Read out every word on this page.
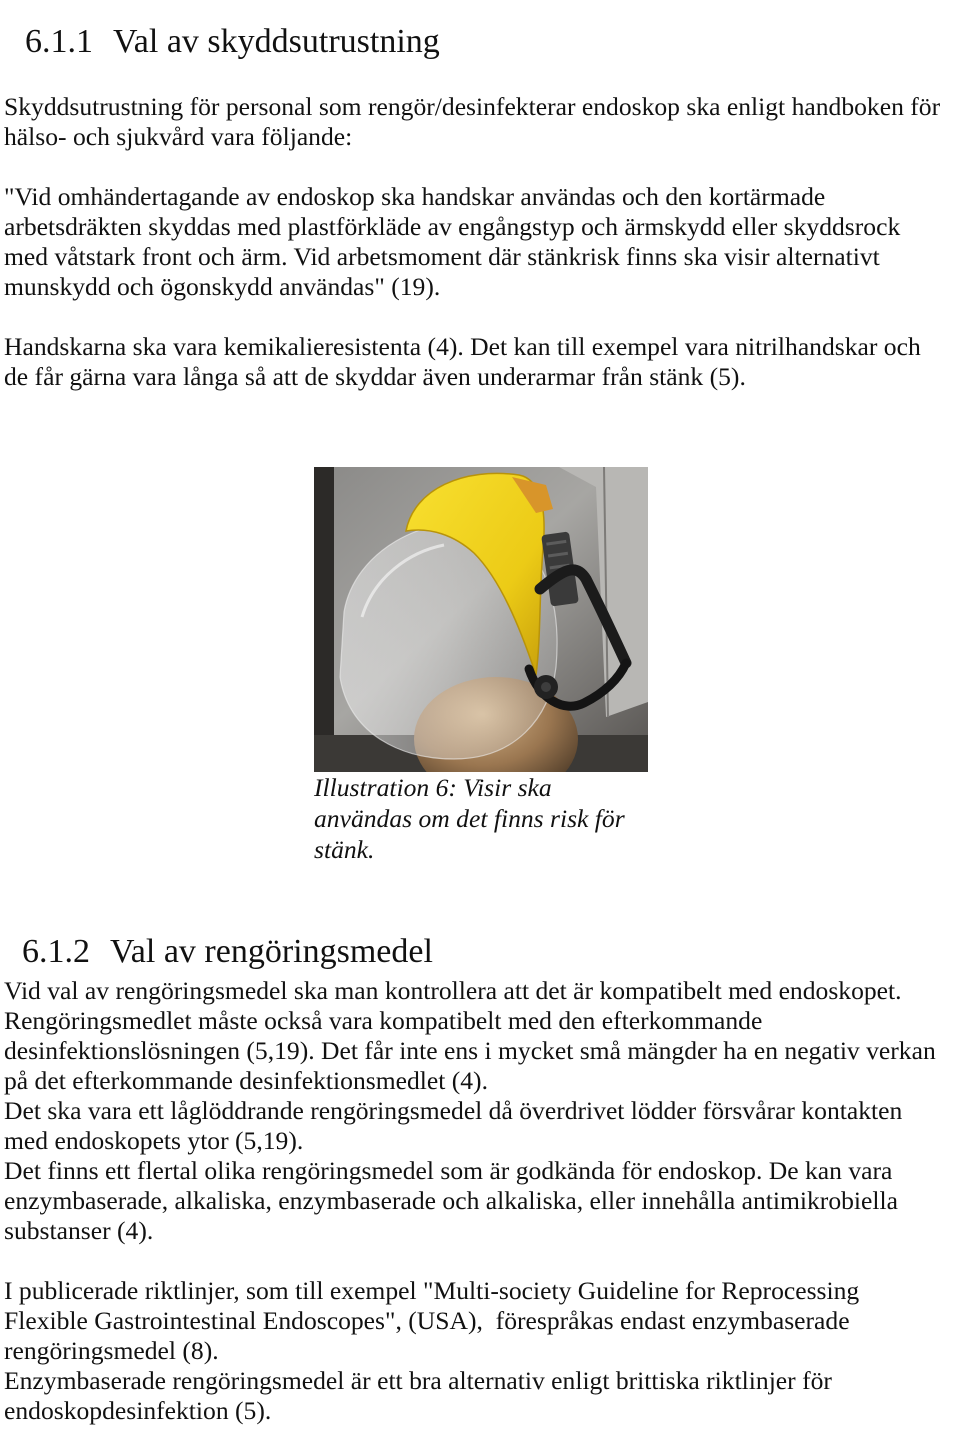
6.1.1 Val av skyddsutrustning

Skyddsutrustning för personal som rengör/desinfekterar endoskop ska enligt handboken för
hälso- och sjukvård vara följande:
"Vid omhändertagande av endoskop ska handskar användas och den kortärmade
arbetsdräkten skyddas med plastförkläde av engångstyp och ärmskydd eller skyddsrock
med våtstark front och ärm. Vid arbetsmoment där stänkrisk finns ska visir alternativt
munskydd och ögonskydd användas" (19).
Handskarna ska vara kemikalieresistenta (4). Det kan till exempel vara nitrilhandskar och
de får gärna vara långa så att de skyddar även underarmar från stänk (5).
Illustration 6: Visir ska
användas om det finns risk för
stänk.

6.1.2 Val av rengöringsmedel

Vid val av rengöringsmedel ska man kontrollera att det är kompatibelt med endoskopet.
Rengöringsmedlet måste också vara kompatibelt med den efterkommande
desinfektionslösningen (5,19). Det får inte ens i mycket små mängder ha en negativ verkan
på det efterkommande desinfektionsmedlet (4).
Det ska vara ett låglöddrande rengöringsmedel då överdrivet lödder försvårar kontakten
med endoskopets ytor (5,19).
Det finns ett flertal olika rengöringsmedel som är godkända för endoskop. De kan vara
enzymbaserade, alkaliska, enzymbaserade och alkaliska, eller innehålla antimikrobiella
substanser (4).
I publicerade riktlinjer, som till exempel "Multi-society Guideline for Reprocessing
Flexible Gastrointestinal Endoscopes", (USA),  förespråkas endast enzymbaserade
rengöringsmedel (8).
Enzymbaserade rengöringsmedel är ett bra alternativ enligt brittiska riktlinjer för
endoskopdesinfektion (5).
